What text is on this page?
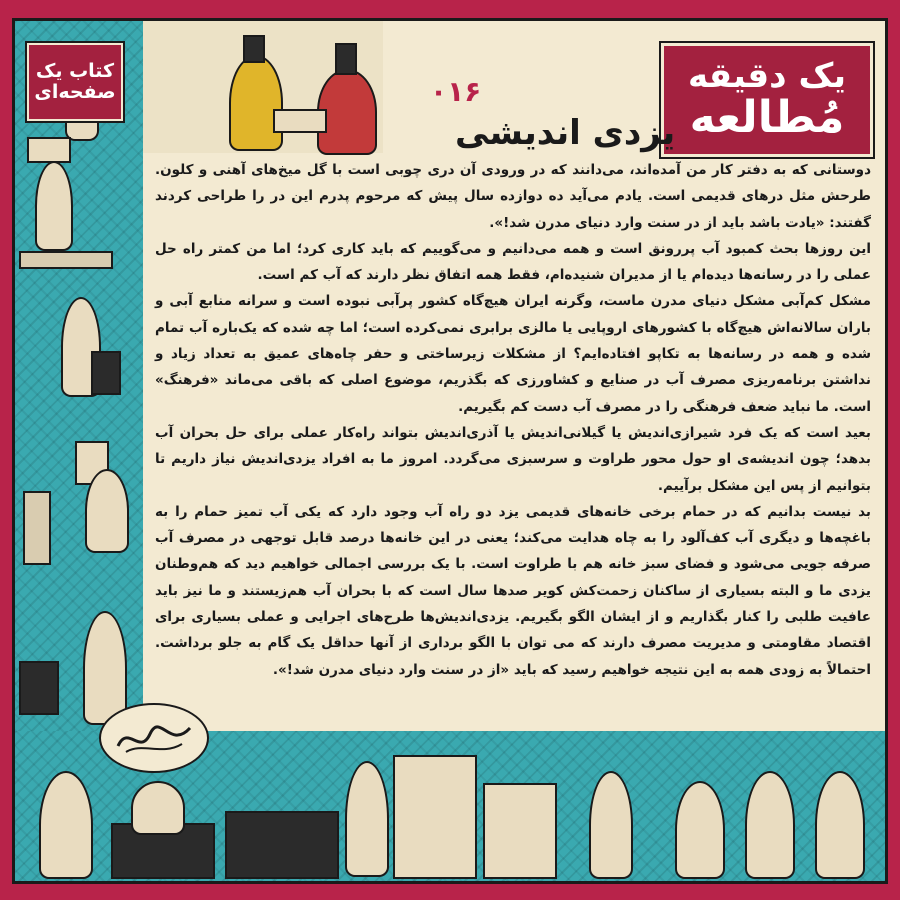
کتاب یک
صفحه‌ای	یک دقیقه
مُطالعه
۰۱۶
یزدی اندیشی

دوستانی که به دفتر کار من آمده‌اند، می‌دانند که در ورودی آن دری چوبی است با گل میخ‌های آهنی و کلون. طرحش مثل درهای قدیمی است. یادم می‌آید ده دوازده سال پیش که مرحوم پدرم این در را طراحی کردند گفتند: «یادت باشد باید از در سنت وارد دنیای مدرن شد!».

این روزها بحث کمبود آب پررونق است و همه می‌دانیم و می‌گوییم که باید کاری کرد؛ اما من کمتر راه حل عملی را در رسانه‌ها دیده‌ام یا از مدیران شنیده‌ام، فقط همه اتفاق نظر دارند که آب کم است.

مشکل کم‌آبی مشکل دنیای مدرن ماست، وگرنه ایران هیچ‌گاه کشور پرآبی نبوده است و سرانه منابع آبی و باران سالانه‌اش هیچ‌گاه با کشورهای اروپایی یا مالزی برابری نمی‌کرده است؛ اما چه شده که یک‌باره آب تمام شده و همه در رسانه‌ها به تکاپو افتاده‌ایم؟ از مشکلات زیرساختی و حفر چاه‌های عمیق به تعداد زیاد و نداشتن برنامه‌ریزی مصرف آب در صنایع و کشاورزی که بگذریم، موضوع اصلی که باقی می‌ماند «فرهنگ» است. ما نباید ضعف فرهنگی را در مصرف آب دست کم بگیریم.

بعید است که یک فرد شیرازی‌اندیش یا گیلانی‌اندیش یا آذری‌اندیش بتواند راه‌کار عملی برای حل بحران آب بدهد؛ چون اندیشه‌ی او حول محور طراوت و سرسبزی می‌گردد. امروز ما به افراد یزدی‌اندیش نیاز داریم تا بتوانیم از پس این مشکل برآییم.

بد نیست بدانیم که در حمام برخی خانه‌های قدیمی یزد دو راه آب وجود دارد که یکی آب تمیز حمام را به باغچه‌ها و دیگری آب کف‌آلود را به چاه هدایت می‌کند؛ یعنی در این خانه‌ها درصد قابل توجهی در مصرف آب صرفه جویی می‌شود و فضای سبز خانه هم با طراوت است. با یک بررسی اجمالی خواهیم دید که هم‌وطنان یزدی ما و البته بسیاری از ساکنان زحمت‌کش کویر صدها سال است که با بحران آب هم‌زیستند و ما نیز باید عافیت طلبی را کنار بگذاریم و از ایشان الگو بگیریم. یزدی‌اندیش‌ها طرح‌های اجرایی و عملی بسیاری برای اقتصاد مقاومتی و مدیریت مصرف دارند که می توان با الگو برداری از آنها حداقل یک گام به جلو برداشت. احتمالاً به زودی همه به این نتیجه خواهیم رسید که باید «از در سنت وارد دنیای مدرن شد!».
